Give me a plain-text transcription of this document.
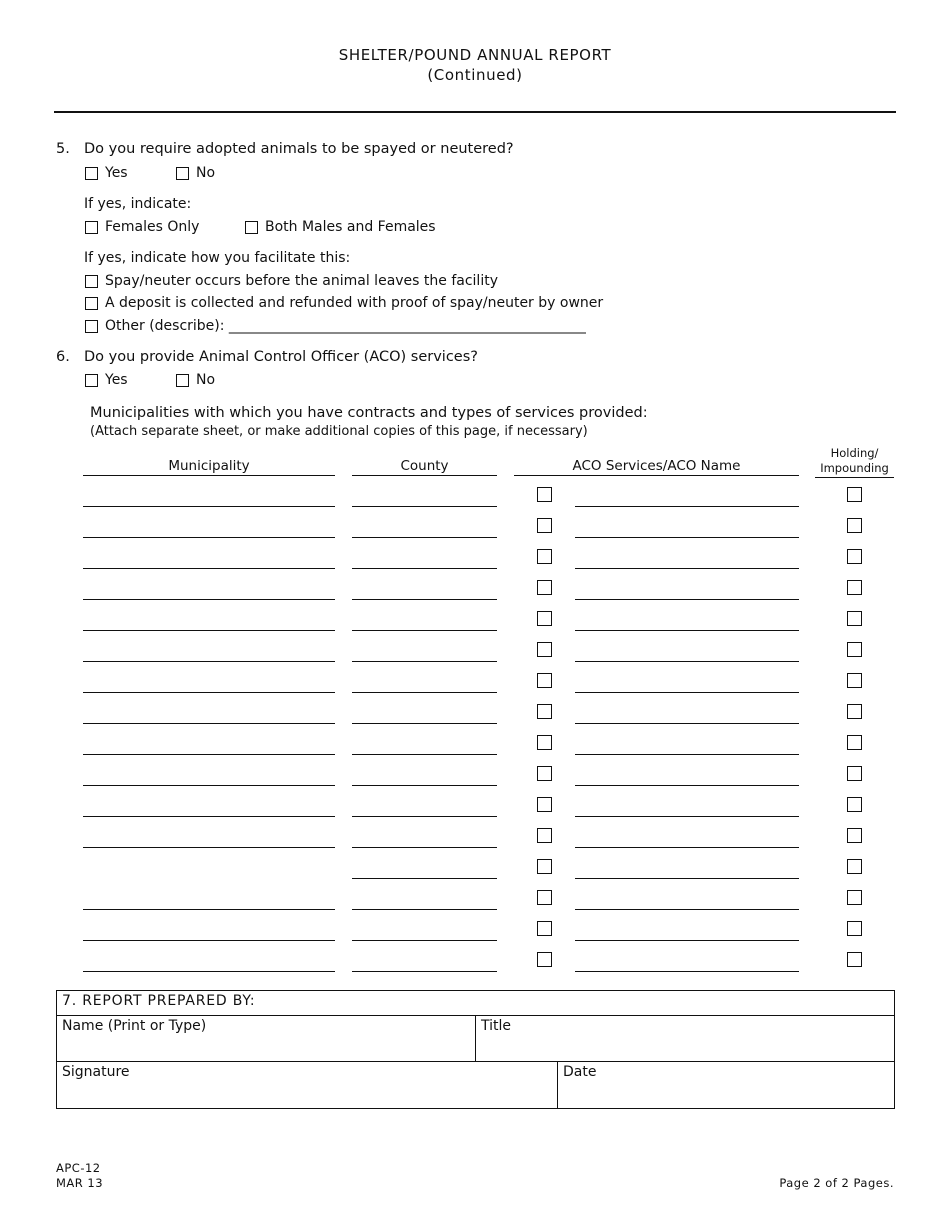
SHELTER/POUND ANNUAL REPORT
(Continued)
5. Do you require adopted animals to be spayed or neutered?
Yes	No
If yes, indicate:
Females Only	Both Males and Females
If yes, indicate how you facilitate this:
Spay/neuter occurs before the animal leaves the facility
A deposit is collected and refunded with proof of spay/neuter by owner
Other (describe): ___________________________________________________
6. Do you provide Animal Control Officer (ACO) services?
Yes	No
Municipalities with which you have contracts and types of services provided:
(Attach separate sheet, or make additional copies of this page, if necessary)
Municipality	County	ACO Services/ACO Name
Holding/ Impounding
7. REPORT PREPARED BY:		
Name (Print or Type)	Title	
Signature		Date
APC-12
MAR 13	Page 2 of 2 Pages.
